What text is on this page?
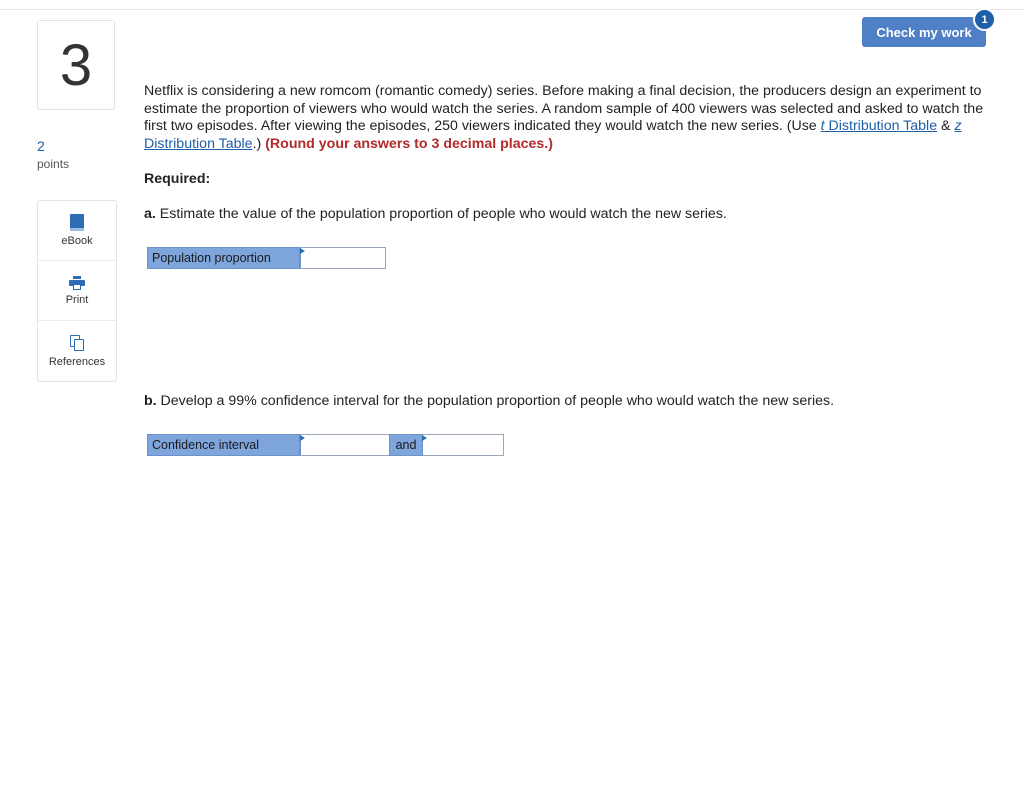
3
2
points
eBook
Print
References
Check my work
1
Netflix is considering a new romcom (romantic comedy) series. Before making a final decision, the producers design an experiment to estimate the proportion of viewers who would watch the series. A random sample of 400 viewers was selected and asked to watch the first two episodes. After viewing the episodes, 250 viewers indicated they would watch the new series. (Use t Distribution Table & z Distribution Table.) (Round your answers to 3 decimal places.)
Required:
a. Estimate the value of the population proportion of people who would watch the new series.
Population proportion
b. Develop a 99% confidence interval for the population proportion of people who would watch the new series.
Confidence interval	and
